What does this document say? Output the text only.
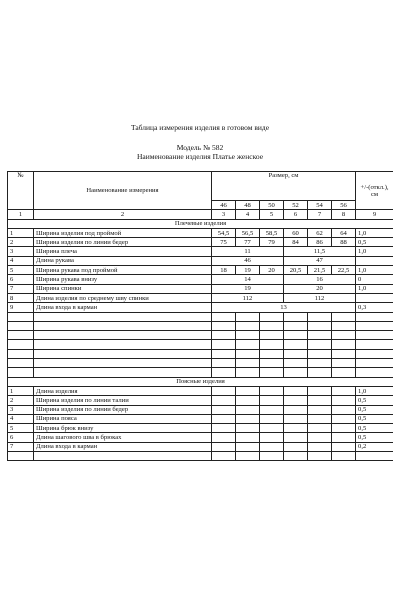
Таблица измерения изделия в готовом виде
Модель № 582
Наименование изделия Платье женское
№	Наименование измерения	Размер, см						+/-(откл.), см
		46	48	50	52	54	56	
1	2	3	4	5	6	7	8	9
Плечевые изделия								
1	Ширина изделия под проймой	54,5	56,5	58,5	60	62	64	1,0
2	Ширина изделия по линии бедер	75	77	79	84	86	88	0,5
3	Ширина плеча	11			11,5			1,0
4	Длина рукава	46			47			
5	Ширина рукава под проймой	18	19	20	20,5	21,5	22,5	1,0
6	Ширина рукава внизу	14			16			0
7	Ширина спинки	19			20			1,0
8	Длина изделия по среднему шву спинки	112			112			
9	Длина входа в карман	13						0,3

Поясные изделия								
1	Длина изделия							1,0
2	Ширина изделия по линии талии							0,5
3	Ширина изделия по линии бедер							0,5
4	Ширина пояса							0,5
5	Ширина брюк внизу							0,5
6	Длина шагового шва в брюках							0,5
7	Длина входа в карман							0,2
